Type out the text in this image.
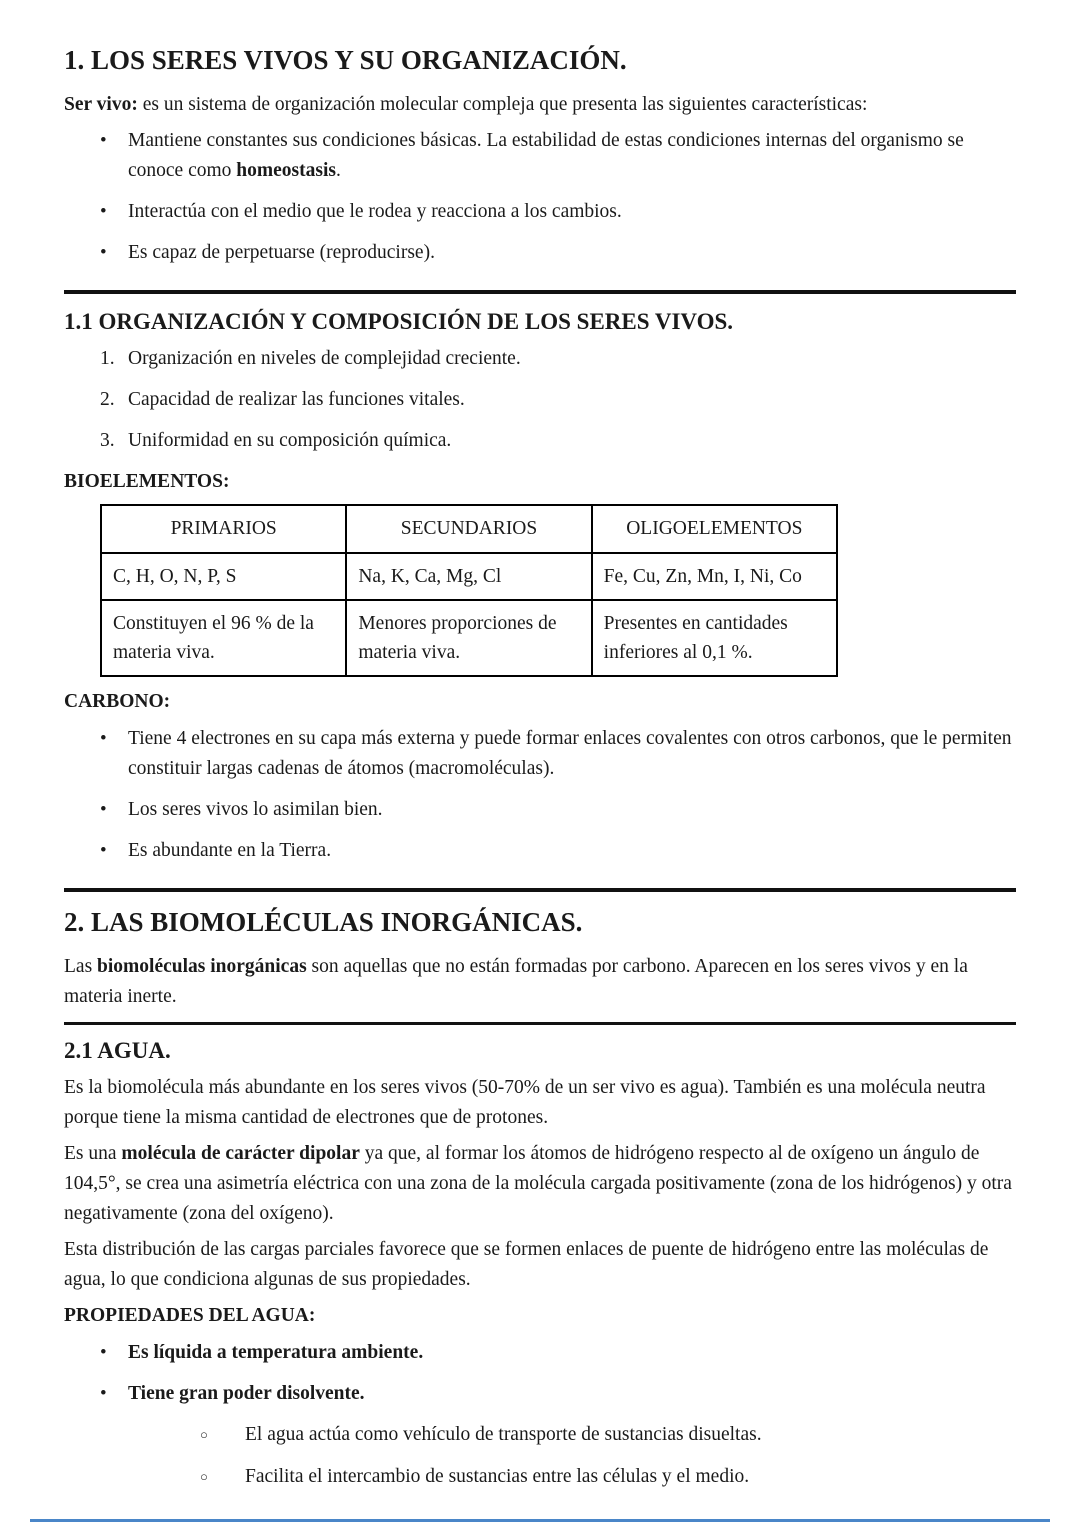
1. LOS SERES VIVOS Y SU ORGANIZACIÓN.

Ser vivo: es un sistema de organización molecular compleja que presenta las siguientes características:

•
Mantiene constantes sus condiciones básicas. La estabilidad de estas condiciones internas del organismo se conoce como homeostasis.
•
Interactúa con el medio que le rodea y reacciona a los cambios.
•
Es capaz de perpetuarse (reproducirse).
1.1 ORGANIZACIÓN Y COMPOSICIÓN DE LOS SERES VIVOS.
1. Organización en niveles de complejidad creciente.
2. Capacidad de realizar las funciones vitales.
3. Uniformidad en su composición química.
BIOELEMENTOS:
PRIMARIOS	SECUNDARIOS	OLIGOELEMENTOS
C, H, O, N, P, S	Na, K, Ca, Mg, Cl	Fe, Cu, Zn, Mn, I, Ni, Co
Constituyen el 96 % de la materia viva.	Menores proporciones de materia viva.	Presentes en cantidades inferiores al 0,1 %.
CARBONO:
•
Tiene 4 electrones en su capa más externa y puede formar enlaces covalentes con otros carbonos, que le permiten constituir largas cadenas de átomos (macromoléculas).
•
Los seres vivos lo asimilan bien.
•
Es abundante en la Tierra.
2. LAS BIOMOLÉCULAS INORGÁNICAS.

Las biomoléculas inorgánicas son aquellas que no están formadas por carbono. Aparecen en los seres vivos y en la materia inerte.

2.1 AGUA.

Es la biomolécula más abundante en los seres vivos (50-70% de un ser vivo es agua). También es una molécula neutra porque tiene la misma cantidad de electrones que de protones.

Es una molécula de carácter dipolar ya que, al formar los átomos de hidrógeno respecto al de oxígeno un ángulo de 104,5°, se crea una asimetría eléctrica con una zona de la molécula cargada positivamente (zona de los hidrógenos) y otra negativamente (zona del oxígeno).

Esta distribución de las cargas parciales favorece que se formen enlaces de puente de hidrógeno entre las moléculas de agua, lo que condiciona algunas de sus propiedades.

PROPIEDADES DEL AGUA:
•
Es líquida a temperatura ambiente.
•
Tiene gran poder disolvente.
○
El agua actúa como vehículo de transporte de sustancias disueltas.
○
Facilita el intercambio de sustancias entre las células y el medio.
